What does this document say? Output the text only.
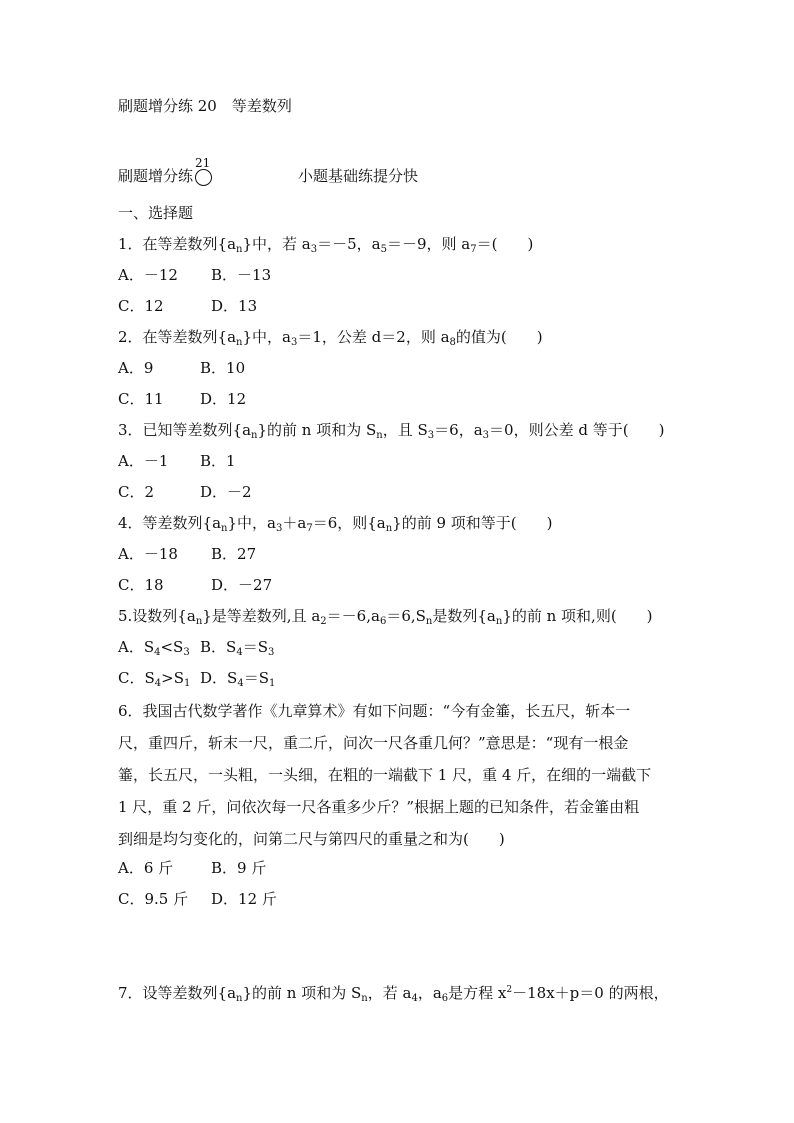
刷题增分练 20　等差数列
刷题增分练
21
小题基础练提分快
一、选择题
1．在等差数列$\{a_n\}$中，若 $a_3=-5$，$a_5=-9$，则 $a_7=$(　　)
A．－12 B．－13
C．12	D．13
2．在等差数列$\{a_n\}$中，$a_3=1$，公差 d＝2，则 $a_8$的值为(　　)
A．9	B．10
C．11 D．12
3．已知等差数列$\{a_n\}$的前 n 项和为 $S_n$，且 $S_3=6$，$a_3=0$，则公差 d 等于(　　)
A．－1 B．1
C．2	D．－2
4．等差数列$\{a_n\}$中，$a_3+a_7=6$，则$\{a_n\}$的前 9 项和等于(　　)
A．－18 B．27
C．18	D．－27
5.设数列$\{a_n\}$是等差数列,且 $a_2=-6,a_6=6,S_n$是数列$\{a_n\}$的前 n 项和,则(　　)
A．$S_4<S_3$ B．$S_4=S_3$
C．$S_4>S_1$ D．$S_4=S_1$
6．我国古代数学著作《九章算术》有如下问题：“今有金箠，长五尺，斩本一
尺，重四斤，斩末一尺，重二斤，问次一尺各重几何？”意思是：“现有一根金
箠，长五尺，一头粗，一头细，在粗的一端截下 1 尺，重 4 斤，在细的一端截下
1 尺，重 2 斤，问依次每一尺各重多少斤？”根据上题的已知条件，若金箠由粗
到细是均匀变化的，问第二尺与第四尺的重量之和为(　　)
A．6 斤	B．9 斤
C．9.5 斤 D．12 斤
7．设等差数列$\{a_n\}$的前 n 项和为 $S_n$，若 $a_4$，$a_6$是方程 $x^2-18x+p=0$ 的两根，
